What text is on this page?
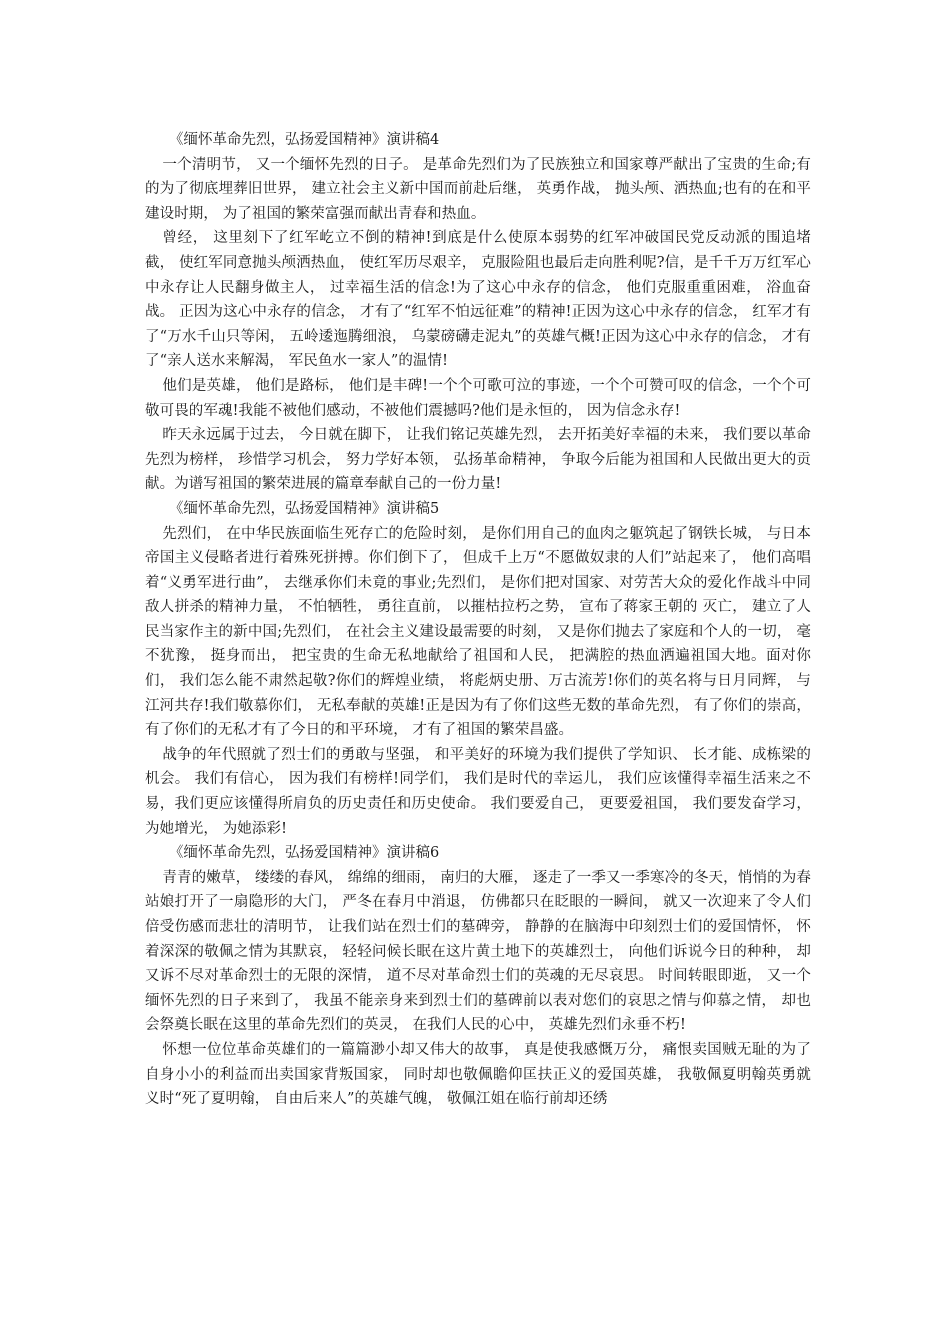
《缅怀革命先烈，弘扬爱国精神》演讲稿4

一个清明节， 又一个缅怀先烈的日子。 是革命先烈们为了民族独立和国家尊严献出了宝贵的生命;有的为了彻底埋葬旧世界， 建立社会主义新中国而前赴后继， 英勇作战， 抛头颅、洒热血;也有的在和平建设时期， 为了祖国的繁荣富强而献出青春和热血。

曾经， 这里刻下了红军屹立不倒的精神!到底是什么使原本弱势的红军冲破国民党反动派的围追堵截， 使红军同意抛头颅洒热血， 使红军历尽艰辛， 克服险阻也最后走向胜利呢?信，是千千万万红军心中永存让人民翻身做主人， 过幸福生活的信念!为了这心中永存的信念， 他们克服重重困难， 浴血奋战。 正因为这心中永存的信念， 才有了“红军不怕远征难”的精神!正因为这心中永存的信念， 红军才有了“万水千山只等闲， 五岭逶迤腾细浪， 乌蒙磅礴走泥丸”的英雄气概!正因为这心中永存的信念， 才有了“亲人送水来解渴， 军民鱼水一家人”的温情!

他们是英雄， 他们是路标， 他们是丰碑!一个个可歌可泣的事迹，一个个可赞可叹的信念，一个个可敬可畏的军魂!我能不被他们感动，不被他们震撼吗?他们是永恒的， 因为信念永存!

昨天永远属于过去， 今日就在脚下， 让我们铭记英雄先烈， 去开拓美好幸福的未来， 我们要以革命先烈为榜样， 珍惜学习机会， 努力学好本领， 弘扬革命精神， 争取今后能为祖国和人民做出更大的贡献。为谱写祖国的繁荣进展的篇章奉献自己的一份力量!

《缅怀革命先烈，弘扬爱国精神》演讲稿5

先烈们， 在中华民族面临生死存亡的危险时刻， 是你们用自己的血肉之躯筑起了钢铁长城， 与日本帝国主义侵略者进行着殊死拼搏。你们倒下了， 但成千上万“不愿做奴隶的人们”站起来了， 他们高唱着“义勇军进行曲”， 去继承你们未竟的事业;先烈们， 是你们把对国家、对劳苦大众的爱化作战斗中同敌人拼杀的精神力量， 不怕牺牲， 勇往直前， 以摧枯拉朽之势， 宣布了蒋家王朝的 灭亡， 建立了人民当家作主的新中国;先烈们， 在社会主义建设最需要的时刻， 又是你们抛去了家庭和个人的一切， 毫不犹豫， 挺身而出， 把宝贵的生命无私地献给了祖国和人民， 把满腔的热血洒遍祖国大地。面对你们， 我们怎么能不肃然起敬?你们的辉煌业绩， 将彪炳史册、万古流芳!你们的英名将与日月同辉， 与江河共存!我们敬慕你们， 无私奉献的英雄!正是因为有了你们这些无数的革命先烈， 有了你们的崇高， 有了你们的无私才有了今日的和平环境， 才有了祖国的繁荣昌盛。

战争的年代照就了烈士们的勇敢与坚强， 和平美好的环境为我们提供了学知识、 长才能、成栋梁的机会。 我们有信心， 因为我们有榜样!同学们， 我们是时代的幸运儿， 我们应该懂得幸福生活来之不易，我们更应该懂得所肩负的历史责任和历史使命。 我们要爱自己， 更要爱祖国， 我们要发奋学习， 为她增光， 为她添彩!

《缅怀革命先烈，弘扬爱国精神》演讲稿6

青青的嫩草， 缕缕的春风， 绵绵的细雨， 南归的大雁， 逐走了一季又一季寒冷的冬天，悄悄的为春站娘打开了一扇隐形的大门， 严冬在春月中消退， 仿佛都只在眨眼的一瞬间， 就又一次迎来了令人们倍受伤感而悲壮的清明节， 让我们站在烈士们的墓碑旁， 静静的在脑海中印刻烈士们的爱国情怀， 怀着深深的敬佩之情为其默哀， 轻轻问候长眠在这片黄土地下的英雄烈士， 向他们诉说今日的种种， 却又诉不尽对革命烈士的无限的深情， 道不尽对革命烈士们的英魂的无尽哀思。 时间转眼即逝， 又一个缅怀先烈的日子来到了， 我虽不能亲身来到烈士们的墓碑前以表对您们的哀思之情与仰慕之情， 却也会祭奠长眠在这里的革命先烈们的英灵， 在我们人民的心中， 英雄先烈们永垂不朽!

怀想一位位革命英雄们的一篇篇渺小却又伟大的故事， 真是使我感慨万分， 痛恨卖国贼无耻的为了自身小小的利益而出卖国家背叛国家， 同时却也敬佩瞻仰匡扶正义的爱国英雄， 我敬佩夏明翰英勇就义时“死了夏明翰， 自由后来人”的英雄气魄， 敬佩江姐在临行前却还绣
